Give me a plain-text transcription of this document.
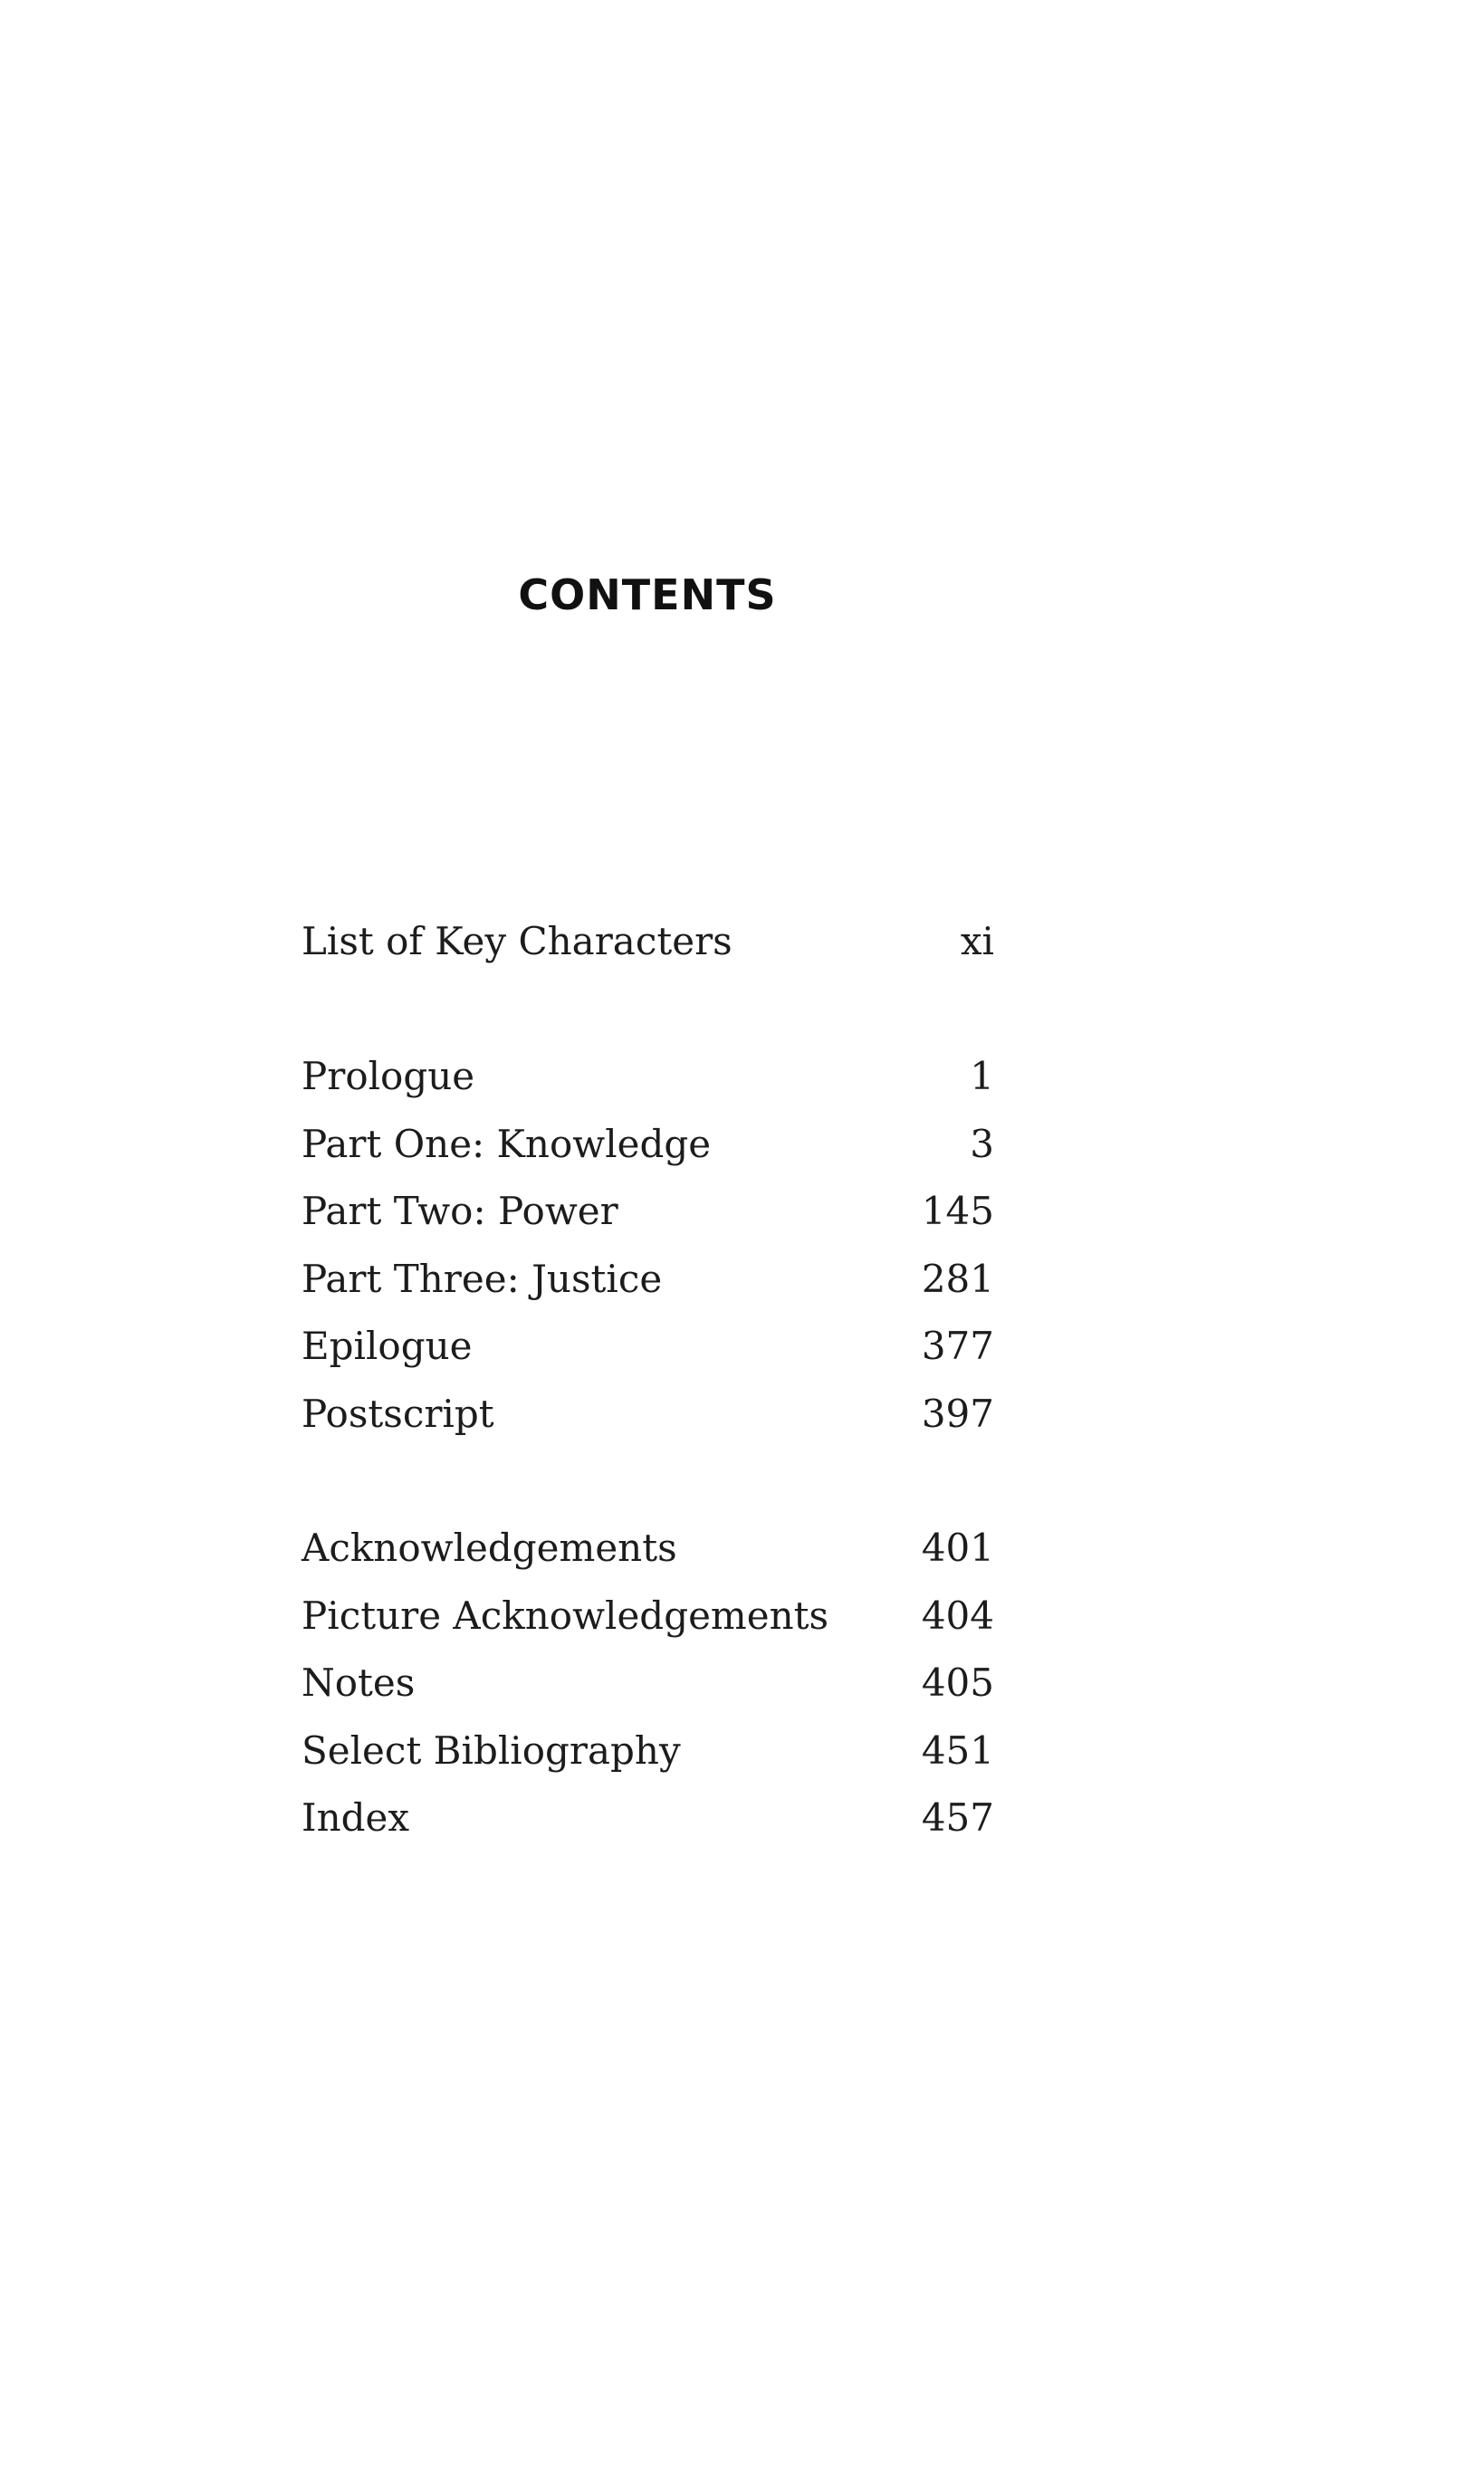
CONTENTS
List of Key Characters	xi
Prologue	1
Part One: Knowledge	3
Part Two: Power	145
Part Three: Justice	281
Epilogue	377
Postscript	397
Acknowledgements	401
Picture Acknowledgements 404
Notes	405
Select Bibliography	451
Index	457
